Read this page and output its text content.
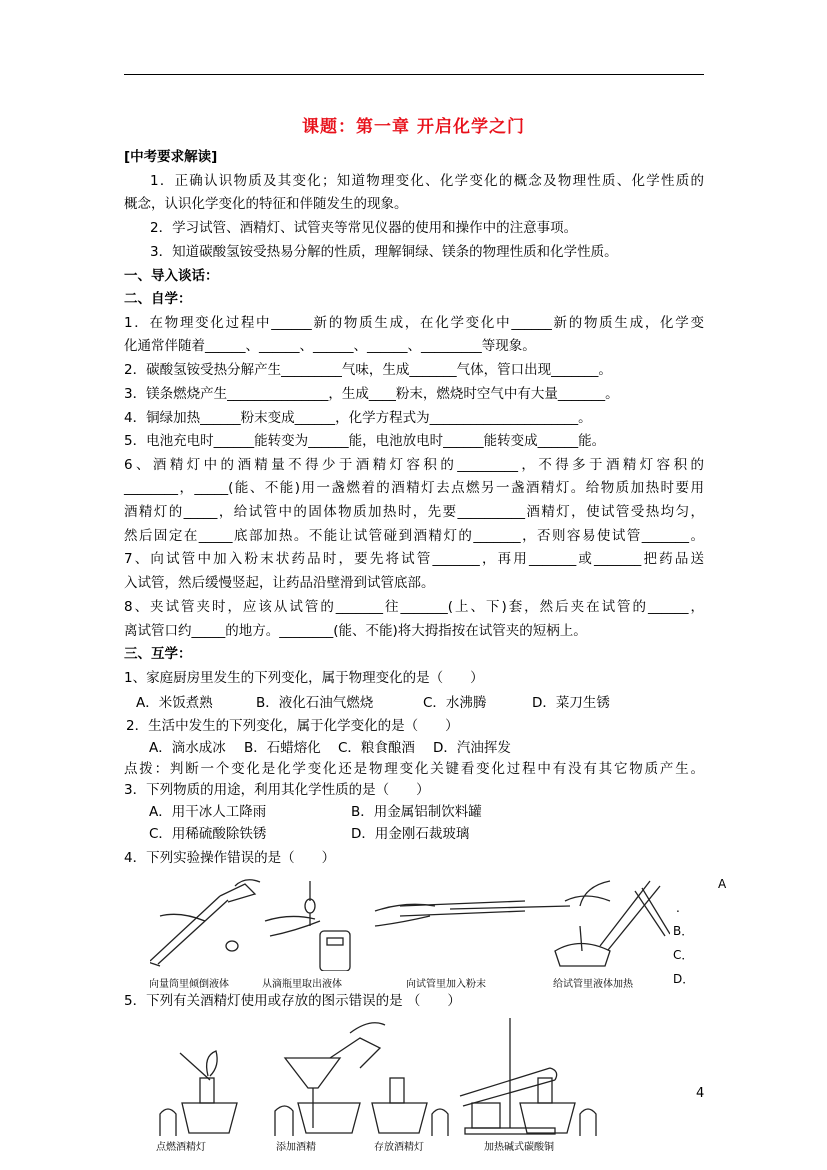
课题：第一章 开启化学之门
[中考要求解读]
1．正确认识物质及其变化；知道物理变化、化学变化的概念及物理性质、化学性质的
概念，认识化学变化的特征和伴随发生的现象。
2．学习试管、酒精灯、试管夹等常见仪器的使用和操作中的注意事项。
3．知道碳酸氢铵受热易分解的性质，理解铜绿、镁条的物理性质和化学性质。
一、导入谈话：
二、自学：
1．在物理变化过程中______新的物质生成，在化学变化中______新的物质生成，化学变
化通常伴随着______、______、______、______、_________等现象。
2．碳酸氢铵受热分解产生_________气味，生成_______气体，管口出现_______。
3．镁条燃烧产生_______________，生成____粉末，燃烧时空气中有大量_______。
4．铜绿加热______粉末变成______，化学方程式为______________________。
5．电池充电时______能转变为______能，电池放电时______能转变成______能。
6、酒精灯中的酒精量不得少于酒精灯容积的_________，不得多于酒精灯容积的
________，_____(能、不能)用一盏燃着的酒精灯去点燃另一盏酒精灯。给物质加热时要用
酒精灯的_____，给试管中的固体物质加热时，先要__________酒精灯，使试管受热均匀，
然后固定在_____底部加热。不能让试管碰到酒精灯的_______，否则容易使试管_______。
7、向试管中加入粉末状药品时，要先将试管_______，再用_______或_______把药品送
入试管，然后缓慢竖起，让药品沿壁滑到试管底部。
8、夹试管夹时，应该从试管的_______往_______(上、下)套，然后夹在试管的______，
离试管口约_____的地方。________(能、不能)将大拇指按在试管夹的短柄上。
三、互学：
1、家庭厨房里发生的下列变化，属于物理变化的是（　　）
A．米饭煮熟	B．液化石油气燃烧	C．水沸腾	D．菜刀生锈
2．生活中发生的下列变化，属于化学变化的是（　　）
A．滴水成冰 B．石蜡熔化 C．粮食酿酒 D．汽油挥发
点拨：判断一个变化是化学变化还是物理变化关键看变化过程中有没有其它物质产生。
3．下列物质的用途，利用其化学性质的是（　　）
A．用干冰人工降雨	B．用金属铝制饮料罐
C．用稀硫酸除铁锈	D．用金刚石裁玻璃
4．下列实验操作错误的是（　　）
向量筒里倾倒液体	从滴瓶里取出液体	向试管里加入粉末	给试管里液体加热
A
.
B．
C．
D．
5．下列有关酒精灯使用或存放的图示错误的是 （　　）
点燃酒精灯	添加酒精	存放酒精灯	加热碱式碳酸铜
4
